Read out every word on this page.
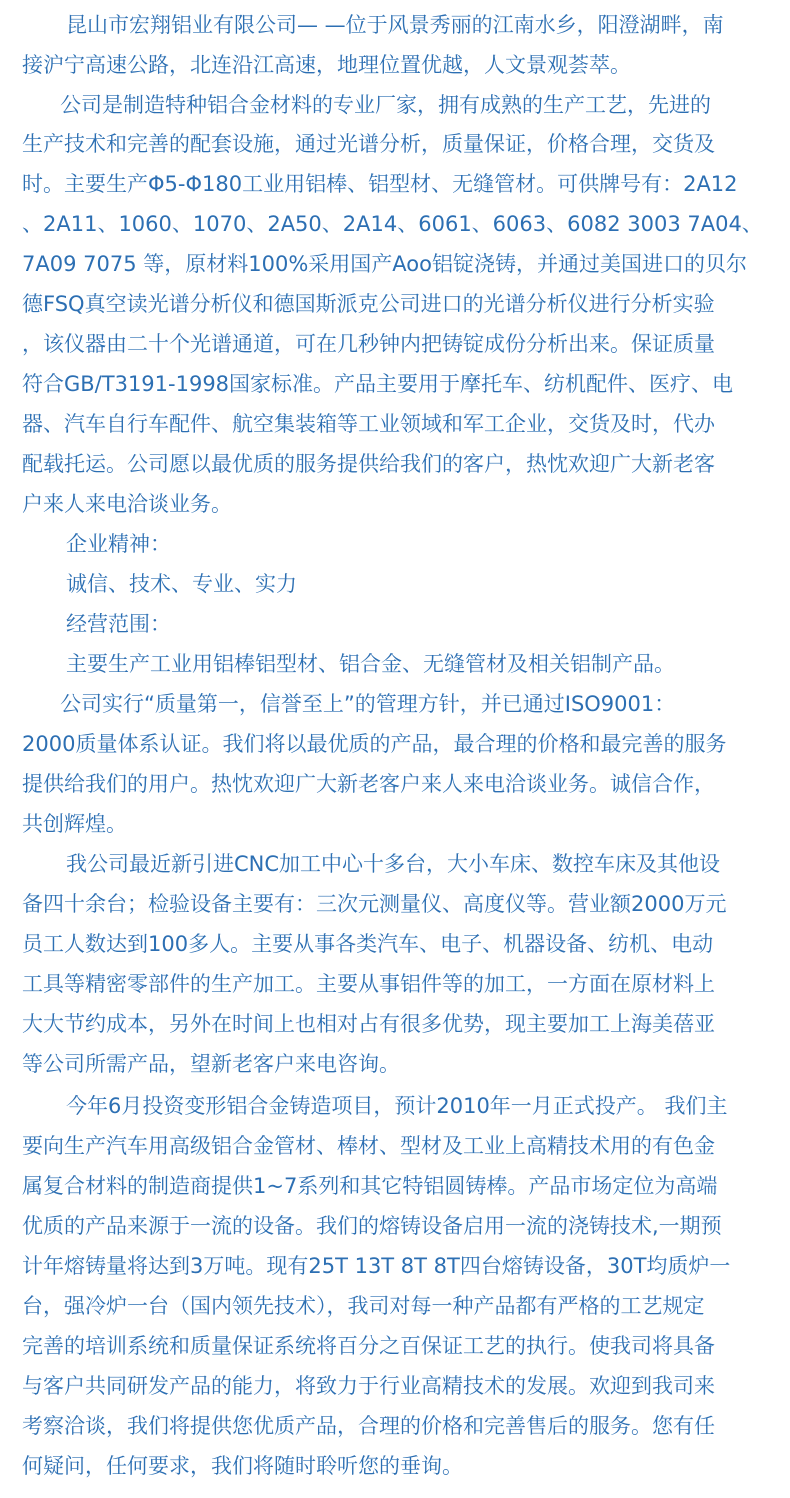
昆山市宏翔铝业有限公司— —位于风景秀丽的江南水乡，阳澄湖畔，南
接沪宁高速公路，北连沿江高速，地理位置优越，人文景观荟萃。
公司是制造特种铝合金材料的专业厂家，拥有成熟的生产工艺，先进的
生产技术和完善的配套设施，通过光谱分析，质量保证，价格合理，交货及
时。主要生产Φ5-Φ180工业用铝棒、铝型材、无缝管材。可供牌号有：2A12
、2A11、1060、1070、2A50、2A14、6061、6063、6082 3003 7A04、
7A09 7075 等，原材料100%采用国产Aoo铝锭浇铸，并通过美国进口的贝尔
德FSQ真空读光谱分析仪和德国斯派克公司进口的光谱分析仪进行分析实验
，该仪器由二十个光谱通道，可在几秒钟内把铸锭成份分析出来。保证质量
符合GB/T3191-1998国家标准。产品主要用于摩托车、纺机配件、医疗、电
器、汽车自行车配件、航空集装箱等工业领域和军工企业，交货及时，代办
配载托运。公司愿以最优质的服务提供给我们的客户，热忱欢迎广大新老客
户来人来电洽谈业务。
企业精神：
诚信、技术、专业、实力
经营范围：
主要生产工业用铝棒铝型材、铝合金、无缝管材及相关铝制产品。
公司实行“质量第一，信誉至上”的管理方针，并已通过ISO9001：
2000质量体系认证。我们将以最优质的产品，最合理的价格和最完善的服务
提供给我们的用户。热忱欢迎广大新老客户来人来电洽谈业务。诚信合作，
共创辉煌。
我公司最近新引进CNC加工中心十多台，大小车床、数控车床及其他设
备四十余台；检验设备主要有：三次元测量仪、高度仪等。营业额2000万元
员工人数达到100多人。主要从事各类汽车、电子、机器设备、纺机、电动
工具等精密零部件的生产加工。主要从事铝件等的加工，一方面在原材料上
大大节约成本，另外在时间上也相对占有很多优势，现主要加工上海美蓓亚
等公司所需产品，望新老客户来电咨询。
今年6月投资变形铝合金铸造项目，预计2010年一月正式投产。 我们主
要向生产汽车用高级铝合金管材、棒材、型材及工业上高精技术用的有色金
属复合材料的制造商提供1~7系列和其它特铝圆铸棒。产品市场定位为高端
优质的产品来源于一流的设备。我们的熔铸设备启用一流的浇铸技术,一期预
计年熔铸量将达到3万吨。现有25T 13T 8T 8T四台熔铸设备，30T均质炉一
台，强冷炉一台（国内领先技术），我司对每一种产品都有严格的工艺规定
完善的培训系统和质量保证系统将百分之百保证工艺的执行。使我司将具备
与客户共同研发产品的能力，将致力于行业高精技术的发展。欢迎到我司来
考察洽谈，我们将提供您优质产品，合理的价格和完善售后的服务。您有任
何疑问，任何要求，我们将随时聆听您的垂询。
